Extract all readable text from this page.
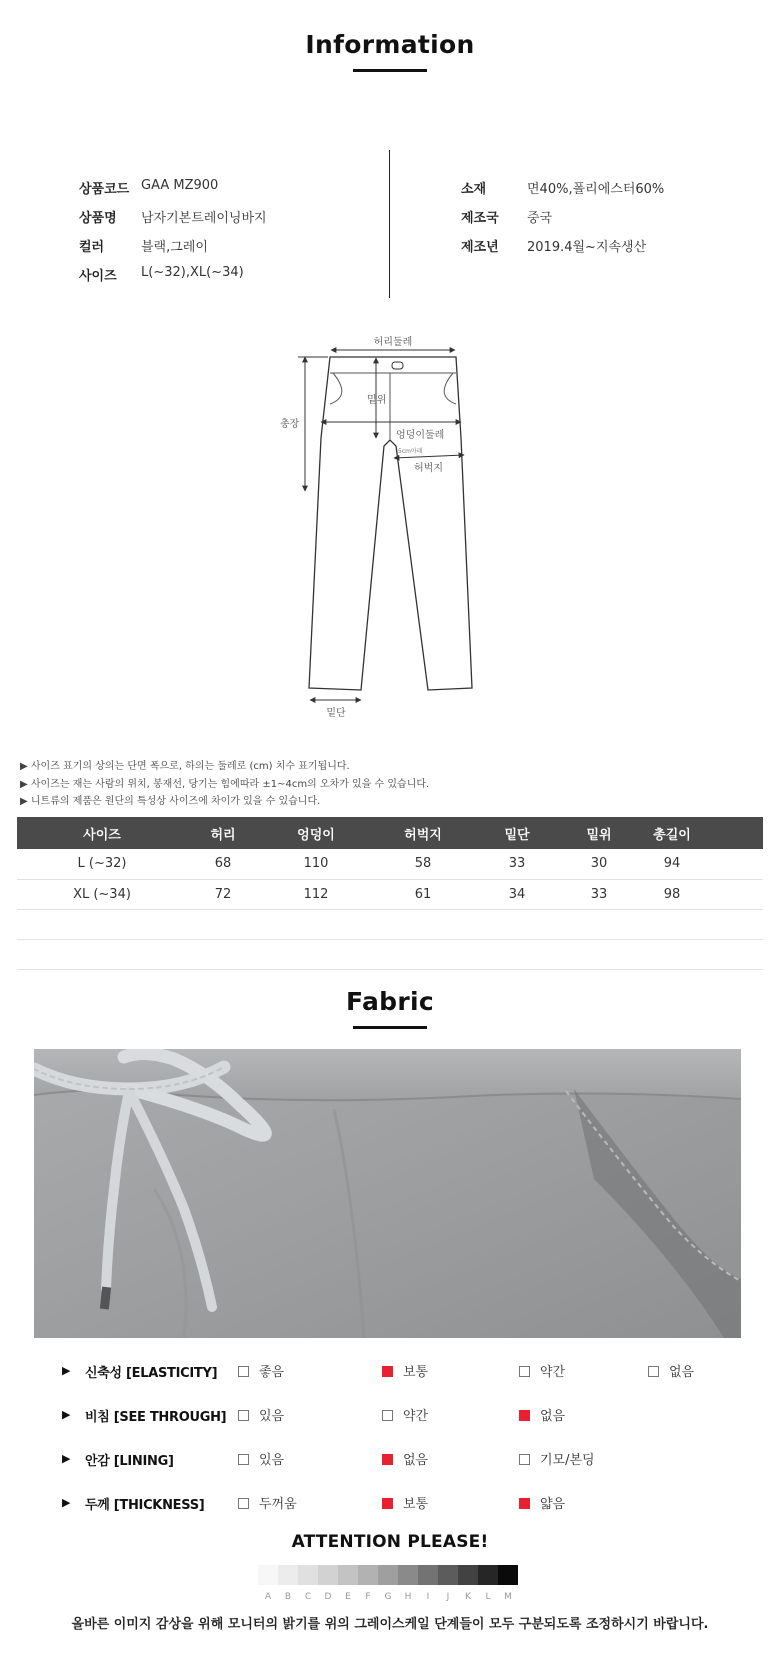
Information
상품코드 GAA MZ900
상품명 남자기본트레이닝바지
컬러	블랙,그레이
사이즈 L(~32),XL(~34)
소재	면40%,폴리에스터60%
제조국 중국
제조년 2019.4월~지속생산
허리둘레
총장
밑위
엉덩이둘레
5cm아래
허벅지
밑단
▶ 사이즈 표기의 상의는 단면 폭으로, 하의는 둘레로 (cm) 치수 표기됩니다.
▶ 사이즈는 재는 사람의 위치, 봉재선, 당기는 힘에따라 ±1~4cm의 오차가 있을 수 있습니다.
▶ 니트류의 제품은 원단의 특성상 사이즈에 차이가 있을 수 있습니다.
사이즈	허리	엉덩이	허벅지	밑단	밑위	총길이	
L (~32)	68	110	58	33	30	94	
XL (~34)	72	112	61	34	33	98	

Fabric
▶ 신축성 [ELASTICITY]	좋음	보통	약간	없음
▶ 비침 [SEE THROUGH]	있음	약간	없음
▶ 안감 [LINING]	있음	없음	기모/본딩
▶ 두께 [THICKNESS]	두꺼움	보통	얇음
ATTENTION PLEASE!
A	B	C	D	E	F	G	H	I	J	K	L	M
올바른 이미지 감상을 위해 모니터의 밝기를 위의 그레이스케일 단계들이 모두 구분되도록 조정하시기 바랍니다.
